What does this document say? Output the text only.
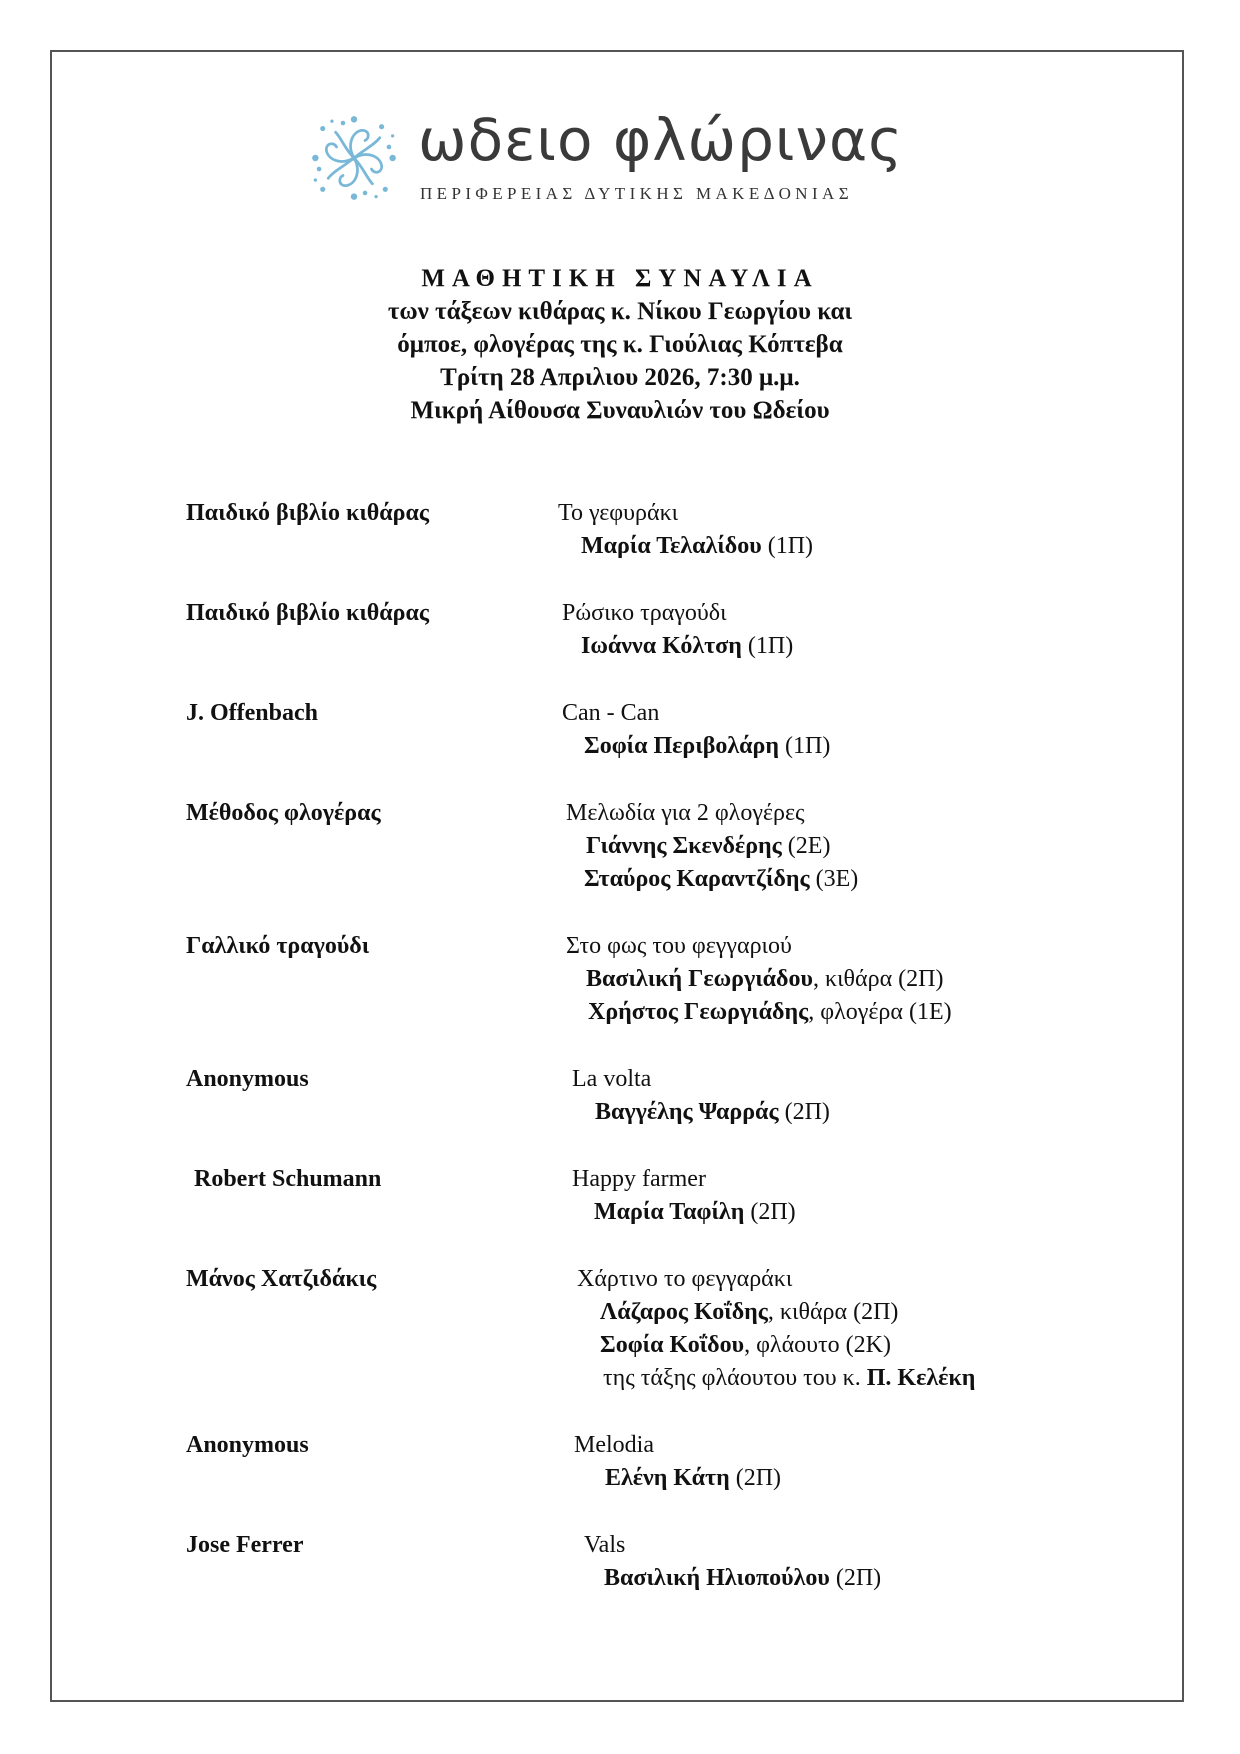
ωδειο φλώρινας
ΠΕΡΙΦΕΡΕΙΑΣ ΔΥΤΙΚΗΣ ΜΑΚΕΔΟΝΙΑΣ
ΜΑΘΗΤΙΚΗ ΣΥΝΑΥΛΙΑ
των τάξεων κιθάρας κ. Νίκου Γεωργίου και
όμποε, φλογέρας της κ. Γιούλιας Κόπτεβα
Τρίτη 28 Απριλιου 2026, 7:30 μ.μ.
Μικρή Αίθουσα Συναυλιών του Ωδείου
Παιδικό βιβλίο κιθάρας	Το γεφυράκι
Μαρία Τελαλίδου (1Π)
Παιδικό βιβλίο κιθάρας	Ρώσικο τραγούδι
Ιωάννα Κόλτση (1Π)
J. Offenbach	Can - Can
Σοφία Περιβολάρη (1Π)
Μέθοδος φλογέρας	Μελωδία για 2 φλογέρες
Γιάννης Σκενδέρης (2Ε)
Σταύρος Καραντζίδης (3Ε)
Γαλλικό τραγούδι	Στο φως του φεγγαριού
Βασιλική Γεωργιάδου, κιθάρα (2Π)
Χρήστος Γεωργιάδης, φλογέρα (1Ε)
Anonymous	La volta
Βαγγέλης Ψαρράς (2Π)
Robert Schumann	Happy farmer
Μαρία Ταφίλη (2Π)
Μάνος Χατζιδάκις	Χάρτινο το φεγγαράκι
Λάζαρος Κοΐδης, κιθάρα (2Π)
Σοφία Κοΐδου, φλάουτο (2Κ)
της τάξης φλάουτου του κ. Π. Κελέκη
Anonymous	Melodia
Ελένη Κάτη (2Π)
Jose Ferrer	Vals
Βασιλική Ηλιοπούλου (2Π)
